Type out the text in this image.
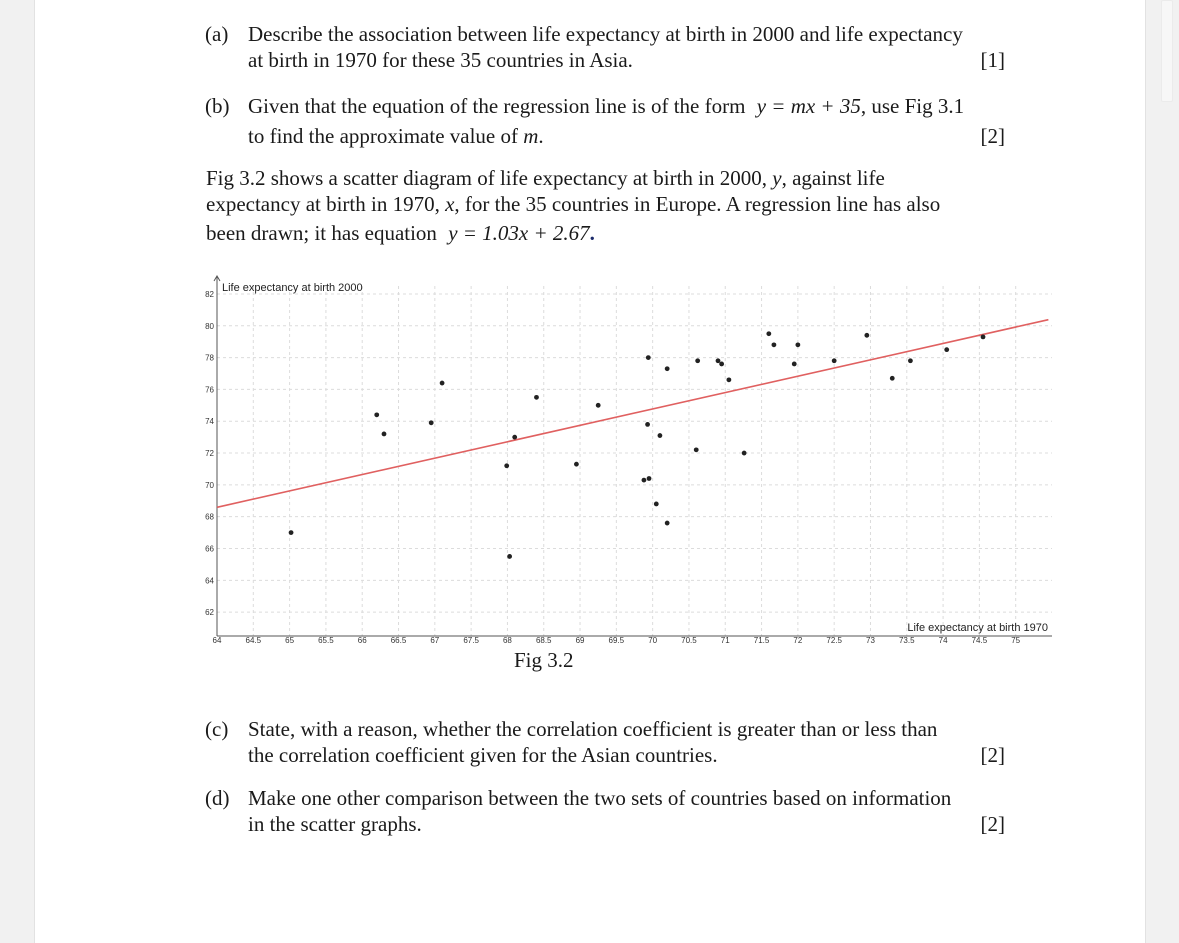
(a) Describe the association between life expectancy at birth in 2000 and life expectancy
at birth in 1970 for these 35 countries in Asia.	[1]
(b) Given that the equation of the regression line is of the form y = mx + 35, use Fig 3.1
to find the approximate value of m.	[2]

Fig 3.2 shows a scatter diagram of life expectancy at birth in 2000, y, against life

expectancy at birth in 1970, x, for the 35 countries in Europe. A regression line has also

been drawn; it has equation y = 1.03x + 2.67.

64	64.5	65	65.5	66	66.5	67	67.5	68	68.5	69	69.5	70	70.5	71	71.5	72	72.5	73	73.5	74	74.5	75
62
64
66
68
70
72
74
76
78
80
82
Life expectancy at birth 2000
Life expectancy at birth 1970
Fig 3.2
(c) State, with a reason, whether the correlation coefficient is greater than or less than
the correlation coefficient given for the Asian countries.	[2]
(d) Make one other comparison between the two sets of countries based on information
in the scatter graphs.	[2]
